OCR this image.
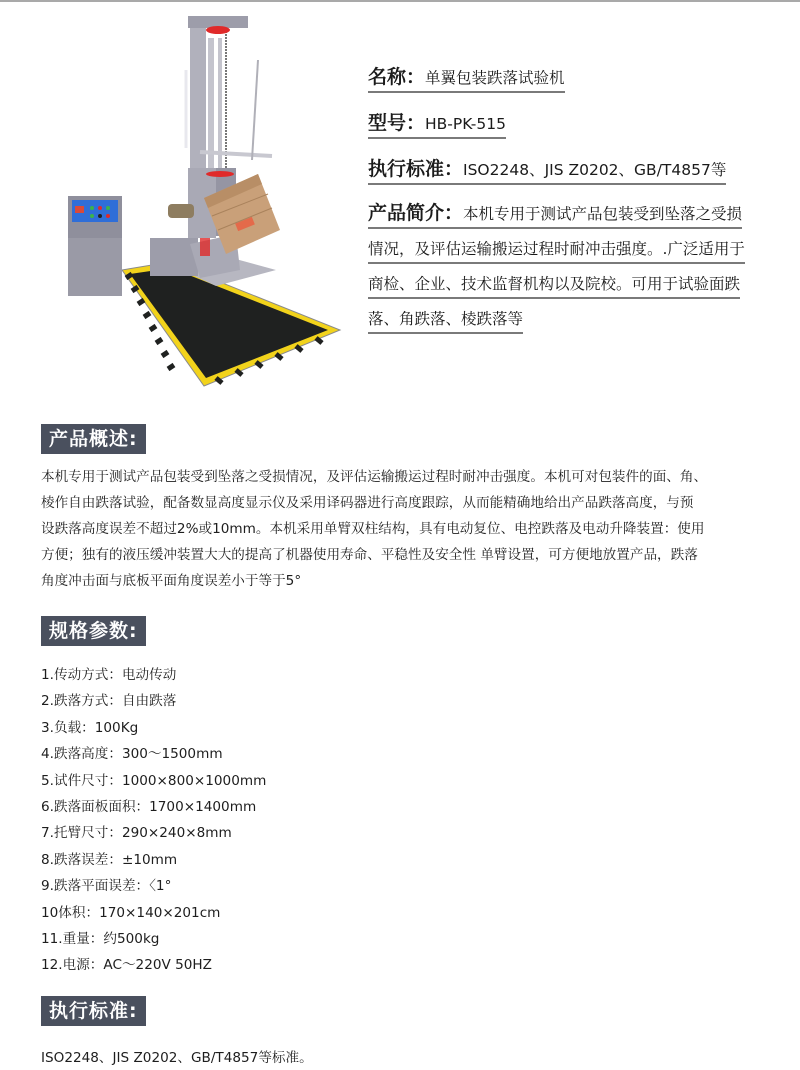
名称：单翼包装跌落试验机
型号：HB-PK-515
执行标准：ISO2248、JIS Z0202、GB/T4857等
产品简介：本机专用于测试产品包装受到坠落之受损
情况，及评估运输搬运过程时耐冲击强度。.广泛适用于
商检、企业、技术监督机构以及院校。可用于试验面跌
落、角跌落、棱跌落等
产品概述:
本机专用于测试产品包装受到坠落之受损情况，及评估运输搬运过程时耐冲击强度。本机可对包装件的面、角、
棱作自由跌落试验，配备数显高度显示仪及采用译码器进行高度跟踪，从而能精确地给出产品跌落高度，与预
设跌落高度误差不超过2%或10mm。本机采用单臂双柱结构，具有电动复位、电控跌落及电动升降装置：使用
方便；独有的液压缓冲装置大大的提高了机器使用寿命、平稳性及安全性 单臂设置，可方便地放置产品，跌落
角度冲击面与底板平面角度误差小于等于5°
规格参数:
1.传动方式：电动传动
2.跌落方式：自由跌落
3.负载：100Kg
4.跌落高度：300～1500mm
5.试件尺寸：1000×800×1000mm
6.跌落面板面积：1700×1400mm
7.托臂尺寸：290×240×8mm
8.跌落误差：±10mm
9.跌落平面误差：〈1°
10体积：170×140×201cm
11.重量：约500kg
12.电源：AC～220V 50HZ
执行标准:
ISO2248、JIS Z0202、GB/T4857等标准。
